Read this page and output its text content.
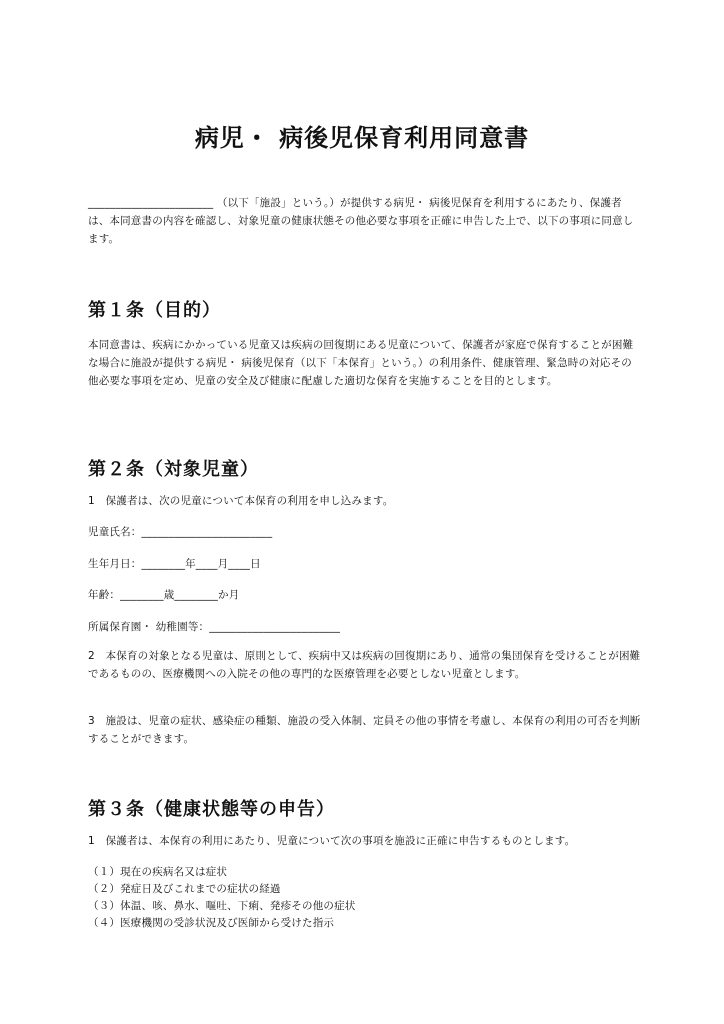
病児・ 病後児保育利用同意書
_______________________ （以下「施設」という。）が提供する病児・ 病後児保育を利用するにあたり、保護者は、本同意書の内容を確認し、対象児童の健康状態その他必要な事項を正確に申告した上で、以下の事項に同意します。
第１条（目的）
本同意書は、疾病にかかっている児童又は疾病の回復期にある児童について、保護者が家庭で保育することが困難な場合に施設が提供する病児・ 病後児保育（以下「本保育」という。）の利用条件、健康管理、緊急時の対応その他必要な事項を定め、児童の安全及び健康に配慮した適切な保育を実施することを目的とします。
第２条（対象児童）
1　保護者は、次の児童について本保育の利用を申し込みます。
児童氏名：________________________
生年月日：________年____月____日
年齢：________歳________か月
所属保育園・ 幼稚園等：________________________
2　本保育の対象となる児童は、原則として、疾病中又は疾病の回復期にあり、通常の集団保育を受けることが困難であるものの、医療機関への入院その他の専門的な医療管理を必要としない児童とします。
3　施設は、児童の症状、感染症の種類、施設の受入体制、定員その他の事情を考慮し、本保育の利用の可否を判断することができます。
第３条（健康状態等の申告）
1　保護者は、本保育の利用にあたり、児童について次の事項を施設に正確に申告するものとします。
（１）現在の疾病名又は症状
（２）発症日及びこれまでの症状の経過
（３）体温、咳、鼻水、嘔吐、下痢、発疹その他の症状
（４）医療機関の受診状況及び医師から受けた指示
